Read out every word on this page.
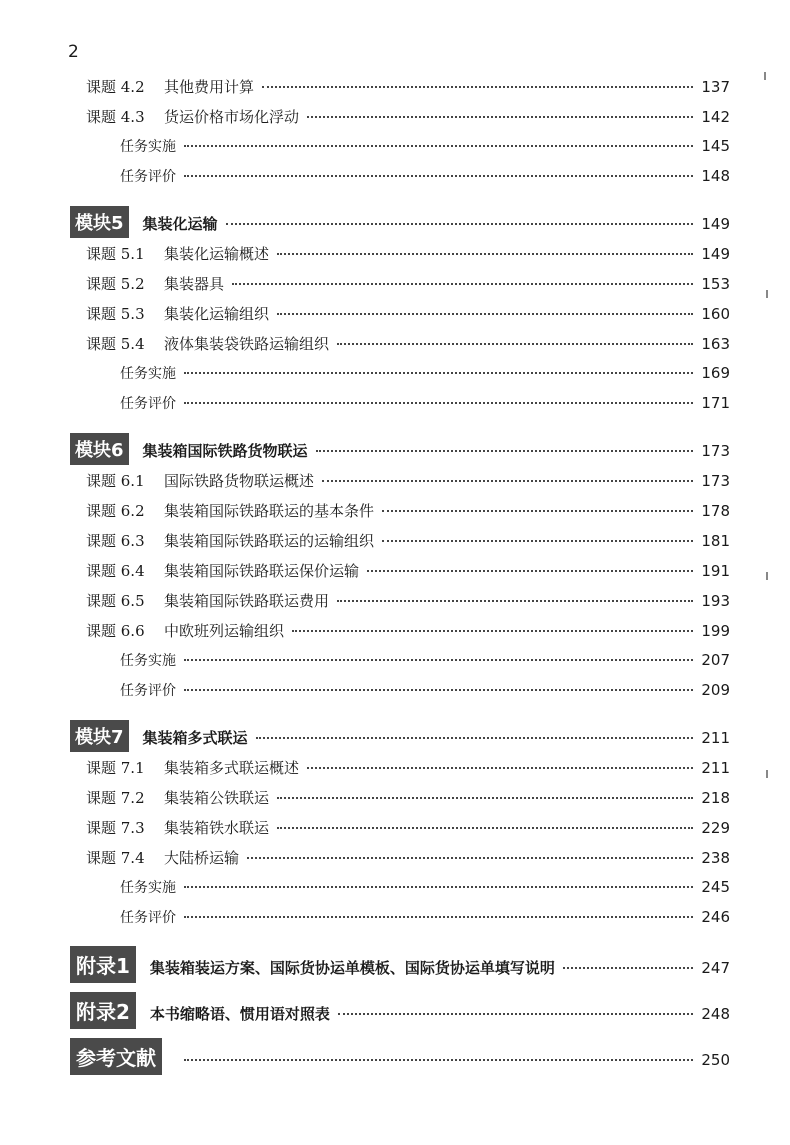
2
课题 4.2	其他费用计算	137
课题 4.3	货运价格市场化浮动	142
任务实施	145
任务评价	148
模块5	集装化运输	149
课题 5.1	集装化运输概述	149
课题 5.2	集装器具	153
课题 5.3	集装化运输组织	160
课题 5.4	液体集装袋铁路运输组织	163
任务实施	169
任务评价	171
模块6	集装箱国际铁路货物联运	173
课题 6.1	国际铁路货物联运概述	173
课题 6.2	集装箱国际铁路联运的基本条件	178
课题 6.3	集装箱国际铁路联运的运输组织	181
课题 6.4	集装箱国际铁路联运保价运输	191
课题 6.5	集装箱国际铁路联运费用	193
课题 6.6	中欧班列运输组织	199
任务实施	207
任务评价	209
模块7	集装箱多式联运	211
课题 7.1	集装箱多式联运概述	211
课题 7.2	集装箱公铁联运	218
课题 7.3	集装箱铁水联运	229
课题 7.4	大陆桥运输	238
任务实施	245
任务评价	246
附录1	集装箱装运方案、国际货协运单模板、国际货协运单填写说明	247
附录2	本书缩略语、惯用语对照表	248
参考文献	250
